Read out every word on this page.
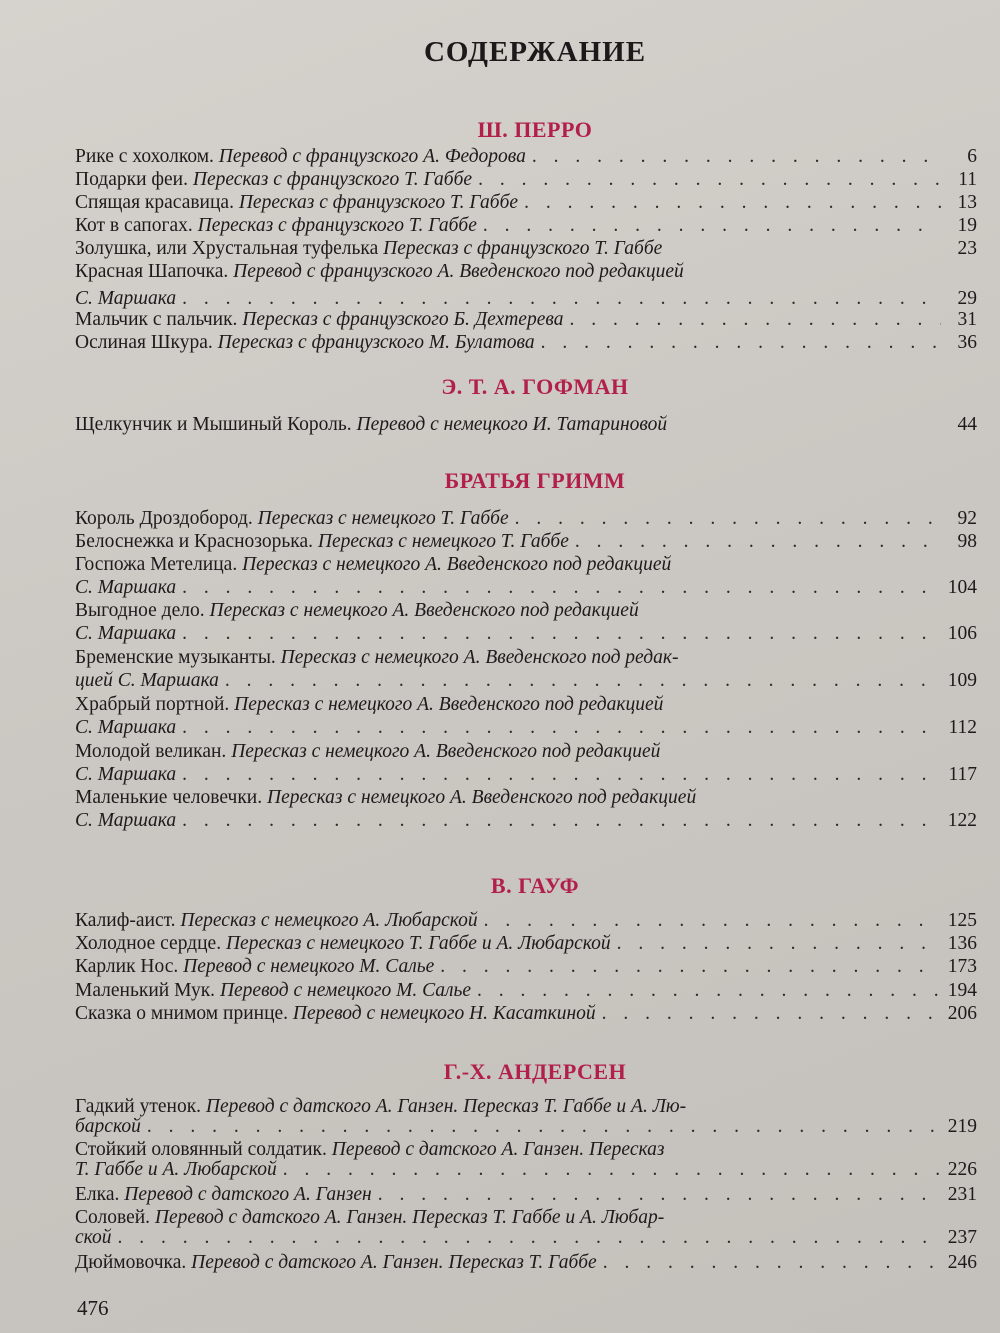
СОДЕРЖАНИЕ
Ш. ПЕРРО
Рике с хохолком.
Перевод с французского А. Федорова . . .	6
Подарки феи.
Пересказ с французского Т. Габбе . . .	11
Спящая красавица.
Пересказ с французского Т. Габбе . . .	13
Кот в сапогах.
Пересказ с французского Т. Габбе . . .	19
Золушка, или Хрустальная туфелька
Пересказ с французского Т. Габбе	23
Красная Шапочка.
Перевод с французского А. Введенского под редакцией
С. Маршака . . .	29
Мальчик с пальчик.
Пересказ с французского Б. Дехтерева . . .	31
Ослиная Шкура.
Пересказ с французского М. Булатова . . .	36
Э. Т. А. ГОФМАН
Щелкунчик и Мышиный Король.
Перевод с немецкого И. Татариновой	44
БРАТЬЯ ГРИММ
Король Дроздобород.
Пересказ с немецкого Т. Габбе . . .	92
Белоснежка и Краснозорька.
Пересказ с немецкого Т. Габбе . . .	98
Госпожа Метелица.
Пересказ с немецкого А. Введенского под редакцией
С. Маршака . . .	104
Выгодное дело.
Пересказ с немецкого А. Введенского под редакцией
С. Маршака . . .	106
Бременские музыканты.
Пересказ с немецкого А. Введенского под редак-
цией С. Маршака . . .	109
Храбрый портной.
Пересказ с немецкого А. Введенского под редакцией
С. Маршака . . .	112
Молодой великан.
Пересказ с немецкого А. Введенского под редакцией
С. Маршака . . .	117
Маленькие человечки.
Пересказ с немецкого А. Введенского под редакцией
С. Маршака . . .	122
В. ГАУФ
Калиф-аист.
Пересказ с немецкого А. Любарской . . .	125
Холодное сердце.
Пересказ с немецкого Т. Габбе и А. Любарской . . .	136
Карлик Нос.
Перевод с немецкого М. Салье . . .	173
Маленький Мук.
Перевод с немецкого М. Салье . . .	194
Сказка о мнимом принце.
Перевод с немецкого Н. Касаткиной . . .	206
Г.-Х. АНДЕРСЕН
Гадкий утенок.
Перевод с датского А. Ганзен. Пересказ Т. Габбе и А. Лю-
барской . . .	219
Стойкий оловянный солдатик.
Перевод с датского А. Ганзен. Пересказ
Т. Габбе и А. Любарской . . .	226
Елка.
Перевод с датского А. Ганзен . . .	231
Соловей.
Перевод с датского А. Ганзен. Пересказ Т. Габбе и А. Любар-
ской . . .	237
Дюймовочка.
Перевод с датского А. Ганзен. Пересказ Т. Габбе . . .	246
476
